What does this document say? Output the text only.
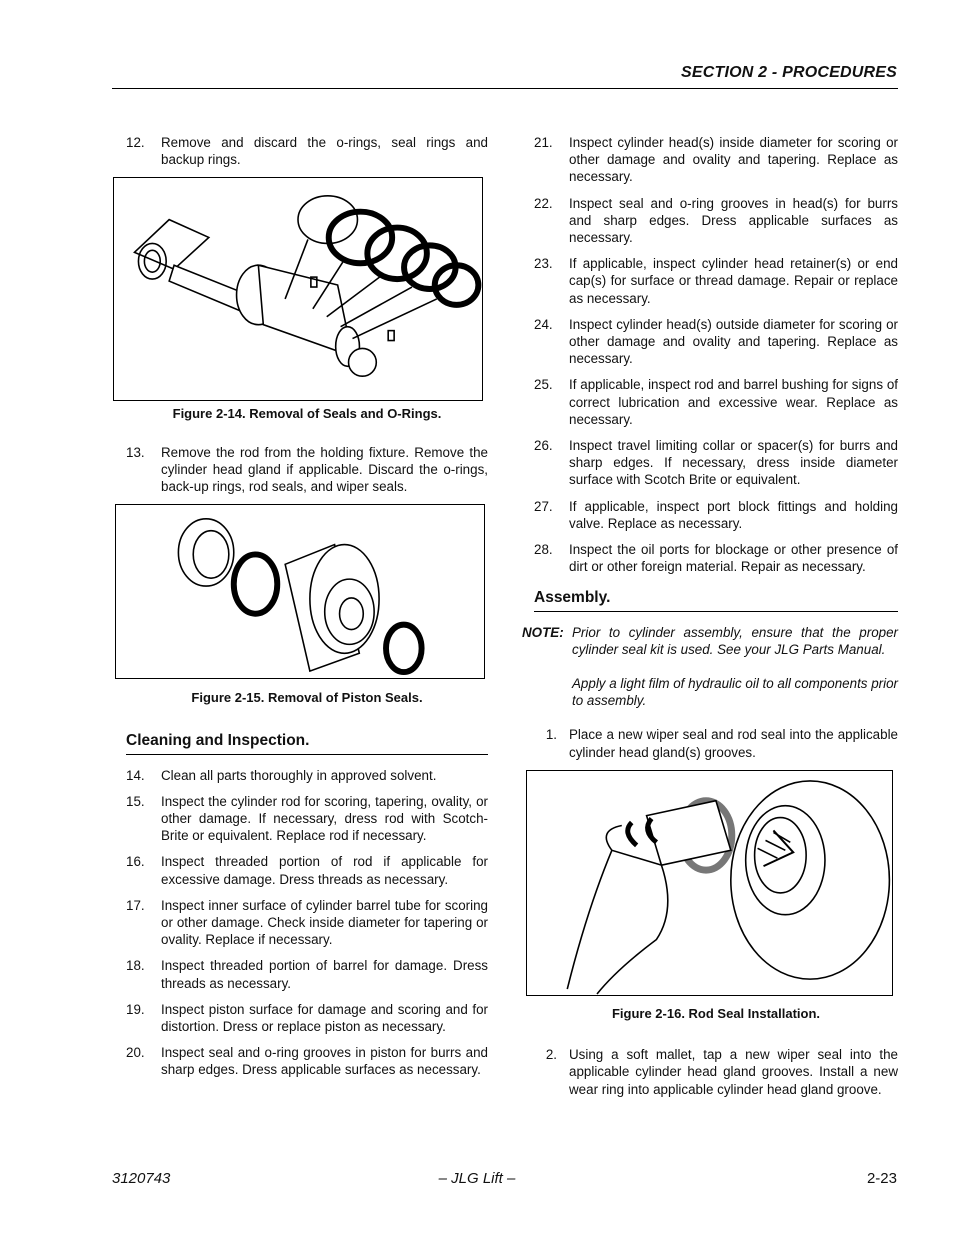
SECTION 2 - PROCEDURES
12.	Remove and discard the o-rings, seal rings and backup rings.
Figure 2-14. Removal of Seals and O-Rings.
13.	Remove the rod from the holding fixture. Remove the cylinder head gland if applicable. Discard the o-rings, back-up rings, rod seals, and wiper seals.
Figure 2-15. Removal of Piston Seals.
Cleaning and Inspection.
14.	Clean all parts thoroughly in approved solvent.
15.	Inspect the cylinder rod for scoring, tapering, ovality, or other damage. If necessary, dress rod with Scotch-Brite or equivalent. Replace rod if necessary.
16.	Inspect threaded portion of rod if applicable for excessive damage. Dress threads as necessary.
17.	Inspect inner surface of cylinder barrel tube for scoring or other damage. Check inside diameter for tapering or ovality. Replace if necessary.
18.	Inspect threaded portion of barrel for damage. Dress threads as necessary.
19.	Inspect piston surface for damage and scoring and for distortion. Dress or replace piston as necessary.
20.	Inspect seal and o-ring grooves in piston for burrs and sharp edges. Dress applicable surfaces as necessary.
21.	Inspect cylinder head(s) inside diameter for scoring or other damage and ovality and tapering. Replace as necessary.
22.	Inspect seal and o-ring grooves in head(s) for burrs and sharp edges. Dress applicable surfaces as necessary.
23.	If applicable, inspect cylinder head retainer(s) or end cap(s) for surface or thread damage. Repair or replace as necessary.
24.	Inspect cylinder head(s) outside diameter for scoring or other damage and ovality and tapering. Replace as necessary.
25.	If applicable, inspect rod and barrel bushing for signs of correct lubrication and excessive wear. Replace as necessary.
26.	Inspect travel limiting collar or spacer(s) for burrs and sharp edges. If necessary, dress inside diameter surface with Scotch Brite or equivalent.
27.	If applicable, inspect port block fittings and holding valve. Replace as necessary.
28.	Inspect the oil ports for blockage or other presence of dirt or other foreign material. Repair as necessary.
Assembly.
NOTE: Prior to cylinder assembly, ensure that the proper cylinder seal kit is used. See your JLG Parts Manual.
Apply a light film of hydraulic oil to all components prior to assembly.
1. Place a new wiper seal and rod seal into the applicable cylinder head gland(s) grooves.
Figure 2-16. Rod Seal Installation.
2. Using a soft mallet, tap a new wiper seal into the applicable cylinder head gland grooves. Install a new wear ring into applicable cylinder head gland groove.
3120743	– JLG Lift –	2-23
